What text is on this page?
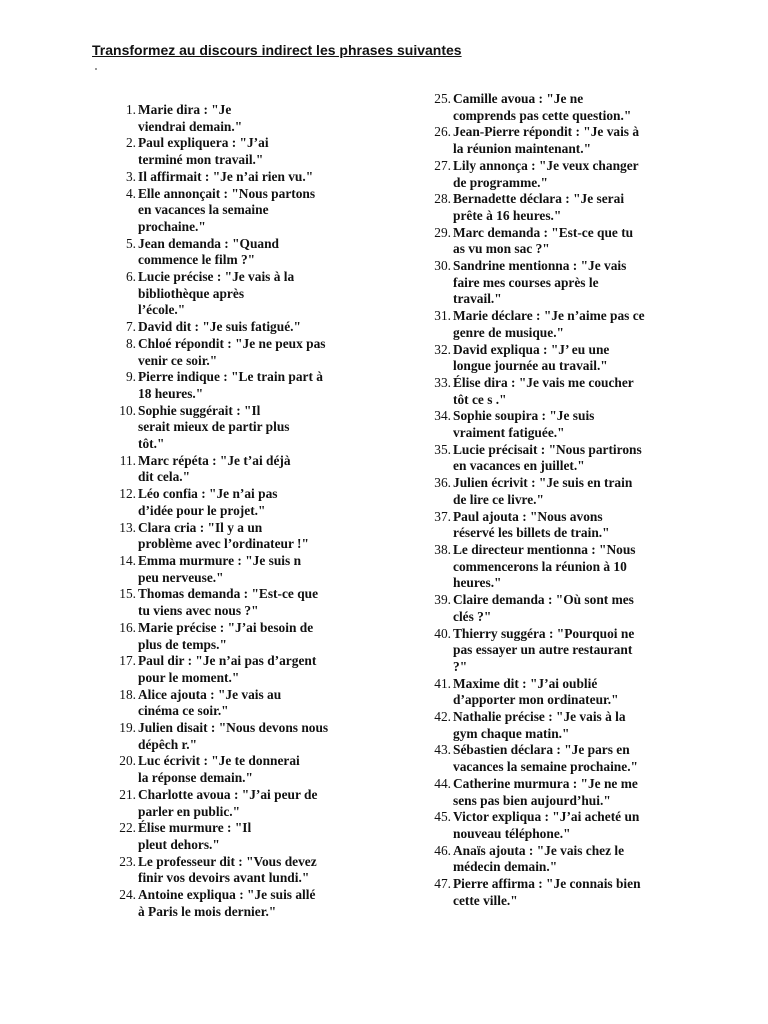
Transformez au discours indirect les phrases suivantes
1. Marie dira : "Je
viendrai demain."
2. Paul expliquera : "J’ai
terminé mon travail."
3. Il affirmait : "Je n’ai rien vu."
4. Elle annonçait : "Nous partons
en vacances la semaine
prochaine."
5. Jean demanda : "Quand
commence le film ?"
6. Lucie précise : "Je vais à la
bibliothèque après
l’école."
7. David dit : "Je suis fatigué."
8. Chloé répondit : "Je ne peux pas
venir ce soir."
9. Pierre indique : "Le train part à
18 heures."
10. Sophie suggérait : "Il
serait mieux de partir plus
tôt."
11. Marc répéta : "Je t’ai déjà
dit cela."
12. Léo confia : "Je n’ai pas
d’idée pour le projet."
13. Clara cria : "Il y a un
problème avec l’ordinateur !"
14. Emma murmure : "Je suis n
peu nerveuse."
15. Thomas demanda : "Est-ce que
tu viens avec nous ?"
16. Marie précise : "J’ai besoin de
plus de temps."
17. Paul dir : "Je n’ai pas d’argent
pour le moment."
18. Alice ajouta : "Je vais au
cinéma ce soir."
19. Julien disait : "Nous devons nous
dépêch r."
20. Luc écrivit : "Je te donnerai
la réponse demain."
21. Charlotte avoua : "J’ai peur de
parler en public."
22. Élise murmure : "Il
pleut dehors."
23. Le professeur dit : "Vous devez
finir vos devoirs avant lundi."
24. Antoine expliqua : "Je suis allé
à Paris le mois dernier."
25. Camille avoua : "Je ne
comprends pas cette question."
26. Jean-Pierre répondit : "Je vais à
la réunion maintenant."
27. Lily annonça : "Je veux changer
de programme."
28. Bernadette déclara : "Je serai
prête à 16 heures."
29. Marc demanda : "Est-ce que tu
as vu mon sac ?"
30. Sandrine mentionna : "Je vais
faire mes courses après le
travail."
31. Marie déclare : "Je n’aime pas ce
genre de musique."
32. David expliqua : "J’ eu une
longue journée au travail."
33. Élise dira : "Je vais me coucher
tôt ce s ."
34. Sophie soupira : "Je suis
vraiment fatiguée."
35. Lucie précisait : "Nous partirons
en vacances en juillet."
36. Julien écrivit : "Je suis en train
de lire ce livre."
37. Paul ajouta : "Nous avons
réservé les billets de train."
38. Le directeur mentionna : "Nous
commencerons la réunion à 10
heures."
39. Claire demanda : "Où sont mes
clés ?"
40. Thierry suggéra : "Pourquoi ne
pas essayer un autre restaurant
?"
41. Maxime dit : "J’ai oublié
d’apporter mon ordinateur."
42. Nathalie précise : "Je vais à la
gym chaque matin."
43. Sébastien déclara : "Je pars en
vacances la semaine prochaine."
44. Catherine murmura : "Je ne me
sens pas bien aujourd’hui."
45. Victor expliqua : "J’ai acheté un
nouveau téléphone."
46. Anaïs ajouta : "Je vais chez le
médecin demain."
47. Pierre affirma : "Je connais bien
cette ville."
